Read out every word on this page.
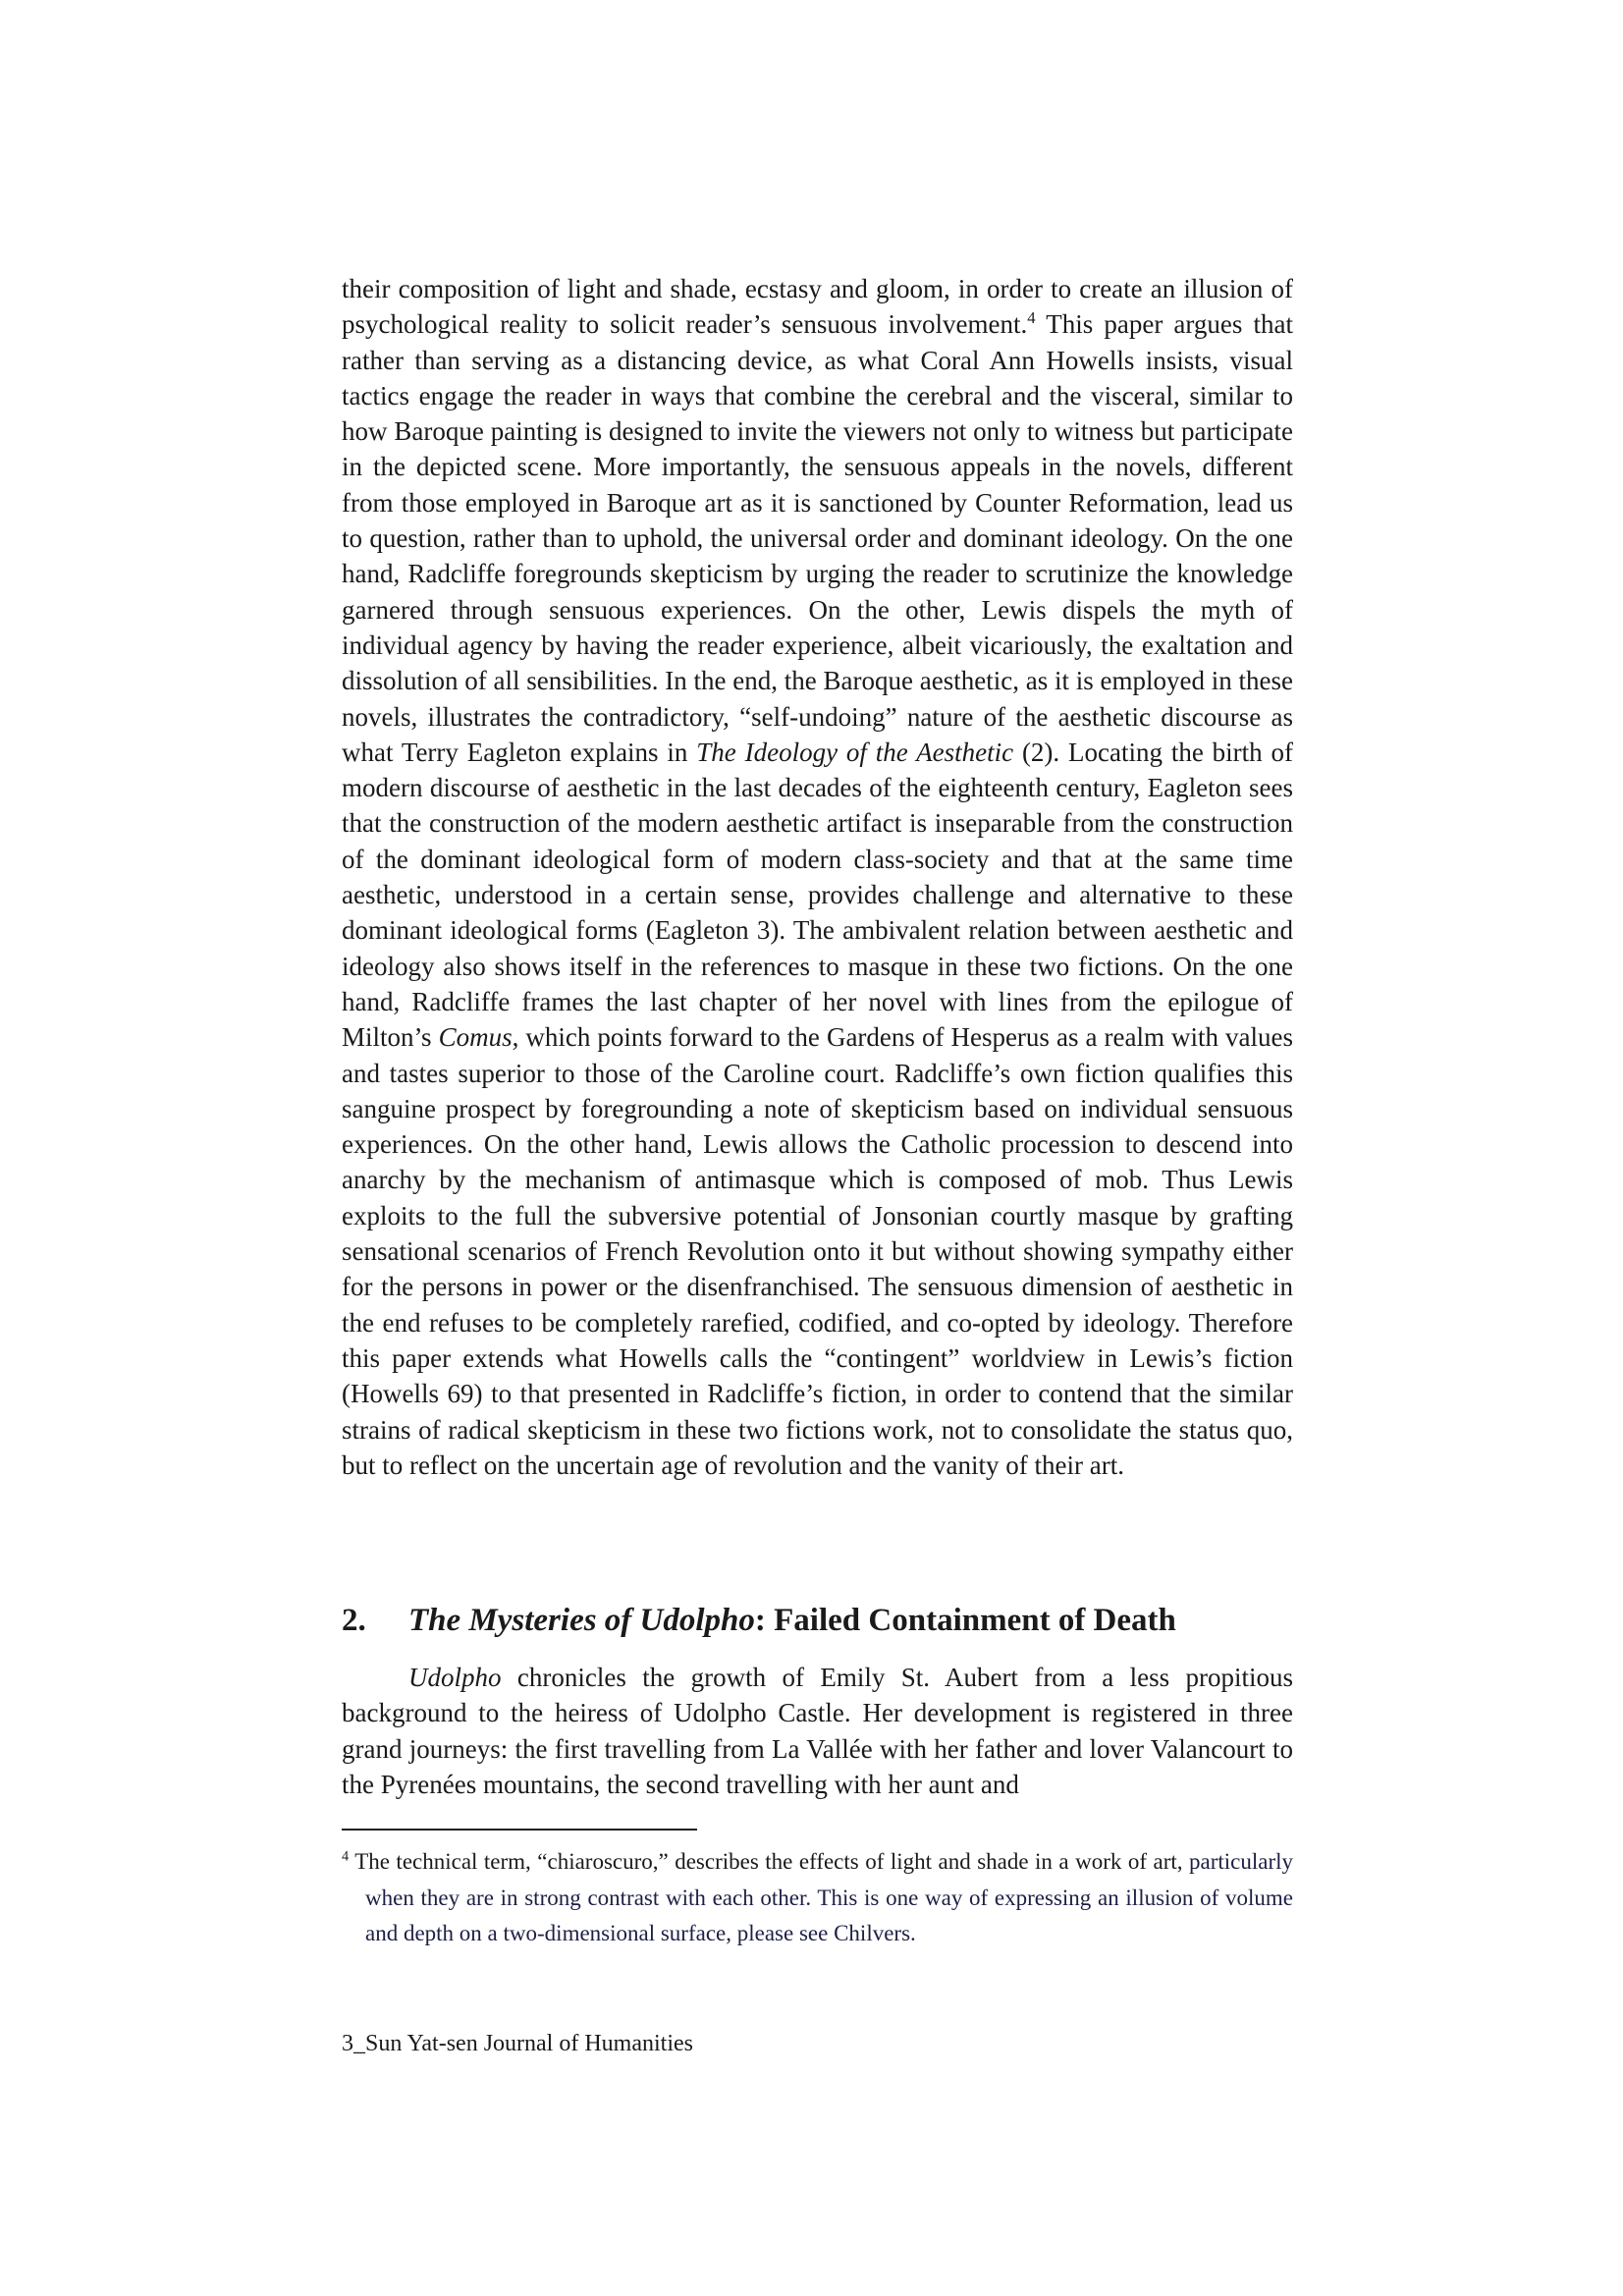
their composition of light and shade, ecstasy and gloom, in order to create an illusion of psychological reality to solicit reader’s sensuous involvement.$^4$ This paper argues that rather than serving as a distancing device, as what Coral Ann Howells insists, visual tactics engage the reader in ways that combine the cerebral and the visceral, similar to how Baroque painting is designed to invite the viewers not only to witness but participate in the depicted scene. More importantly, the sensuous appeals in the novels, different from those employed in Baroque art as it is sanctioned by Counter Reformation, lead us to question, rather than to uphold, the universal order and dominant ideology. On the one hand, Radcliffe foregrounds skepticism by urging the reader to scrutinize the knowledge garnered through sensuous experiences. On the other, Lewis dispels the myth of individual agency by having the reader experience, albeit vicariously, the exaltation and dissolution of all sensibilities. In the end, the Baroque aesthetic, as it is employed in these novels, illustrates the contradictory, “self-undoing” nature of the aesthetic discourse as what Terry Eagleton explains in The Ideology of the Aesthetic (2). Locating the birth of modern discourse of aesthetic in the last decades of the eighteenth century, Eagleton sees that the construction of the modern aesthetic artifact is inseparable from the construction of the dominant ideological form of modern class-society and that at the same time aesthetic, understood in a certain sense, provides challenge and alternative to these dominant ideological forms (Eagleton 3). The ambivalent relation between aesthetic and ideology also shows itself in the references to masque in these two fictions. On the one hand, Radcliffe frames the last chapter of her novel with lines from the epilogue of Milton’s Comus, which points forward to the Gardens of Hesperus as a realm with values and tastes superior to those of the Caroline court. Radcliffe’s own fiction qualifies this sanguine prospect by foregrounding a note of skepticism based on individual sensuous experiences. On the other hand, Lewis allows the Catholic procession to descend into anarchy by the mechanism of antimasque which is composed of mob. Thus Lewis exploits to the full the subversive potential of Jonsonian courtly masque by grafting sensational scenarios of French Revolution onto it but without showing sympathy either for the persons in power or the disenfranchised. The sensuous dimension of aesthetic in the end refuses to be completely rarefied, codified, and co-opted by ideology. Therefore this paper extends what Howells calls the “contingent” worldview in Lewis’s fiction (Howells 69) to that presented in Radcliffe’s fiction, in order to contend that the similar strains of radical skepticism in these two fictions work, not to consolidate the status quo, but to reflect on the uncertain age of revolution and the vanity of their art.

2. The Mysteries of Udolpho: Failed Containment of Death

Udolpho chronicles the growth of Emily St. Aubert from a less propitious background to the heiress of Udolpho Castle. Her development is registered in three grand journeys: the first travelling from La Vallée with her father and lover Valancourt to the Pyrenées mountains, the second travelling with her aunt and

$^4$ The technical term, “chiaroscuro,” describes the effects of light and shade in a work of art, particularly when they are in strong contrast with each other. This is one way of expressing an illusion of volume and depth on a two-dimensional surface, please see Chilvers.

3_Sun Yat-sen Journal of Humanities
